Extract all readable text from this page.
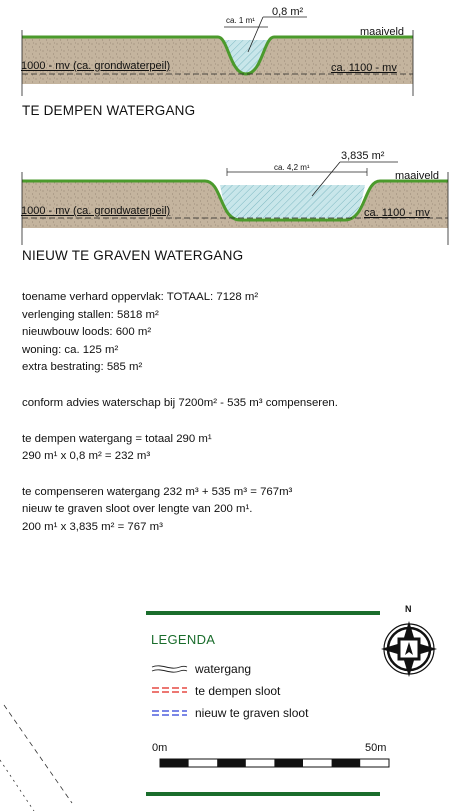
0,8 m²
ca. 1 m¹
maaiveld
1000 - mv (ca. grondwaterpeil)	ca. 1100 - mv
TE DEMPEN WATERGANG
3,835 m²
ca. 4,2 m¹
maaiveld
1000 - mv (ca. grondwaterpeil)	ca. 1100 - mv
NIEUW TE GRAVEN WATERGANG
toename verhard oppervlak: TOTAAL: 7128 m²
verlenging stallen: 5818 m²
nieuwbouw loods: 600 m²
woning: ca. 125 m²
extra bestrating: 585 m²
conform advies waterschap bij 7200m² - 535 m³ compenseren.
te dempen watergang = totaal 290 m¹
290 m¹ x 0,8 m² = 232 m³
te compenseren watergang 232 m³ + 535 m³ = 767m³
nieuw te graven sloot over lengte van 200 m¹.
200 m¹ x 3,835 m² = 767 m³
LEGENDA
watergang
te dempen sloot
nieuw te graven sloot
0m	50m
N
